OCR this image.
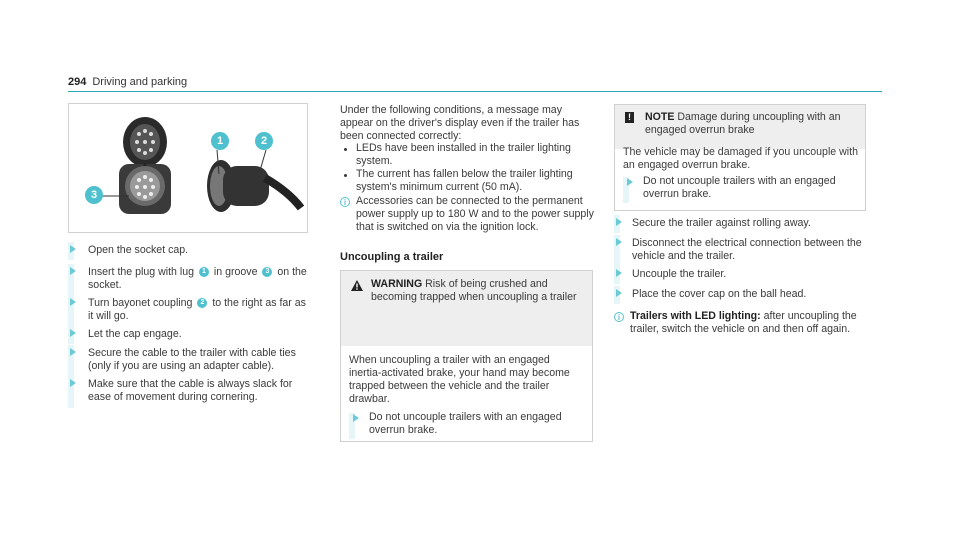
294 Driving and parking
1	2
3
Open the socket cap.
Insert the plug with lug 1 in groove 3 on the socket.
Turn bayonet coupling 2 to the right as far as it will go.
Let the cap engage.
Secure the cable to the trailer with cable ties (only if you are using an adapter cable).
Make sure that the cable is always slack for ease of movement during cornering.
Under the following conditions, a message may appear on the driver's display even if the trailer has been connected correctly:
LEDs have been installed in the trailer lighting system.
The current has fallen below the trailer lighting system's minimum current (50 mA).
i Accessories can be connected to the permanent power supply up to 180 W and to the power supply that is switched on via the ignition lock.
Uncoupling a trailer
WARNING Risk of being crushed and becoming trapped when uncoupling a trailer
When uncoupling a trailer with an engaged inertia-activated brake, your hand may become trapped between the vehicle and the trailer drawbar.
Do not uncouple trailers with an engaged overrun brake.
! NOTE Damage during uncoupling with an engaged overrun brake
The vehicle may be damaged if you uncouple with an engaged overrun brake.
Do not uncouple trailers with an engaged overrun brake.
Secure the trailer against rolling away.
Disconnect the electrical connection between the vehicle and the trailer.
Uncouple the trailer.
Place the cover cap on the ball head.
i Trailers with LED lighting: after uncoupling the trailer, switch the vehicle on and then off again.
